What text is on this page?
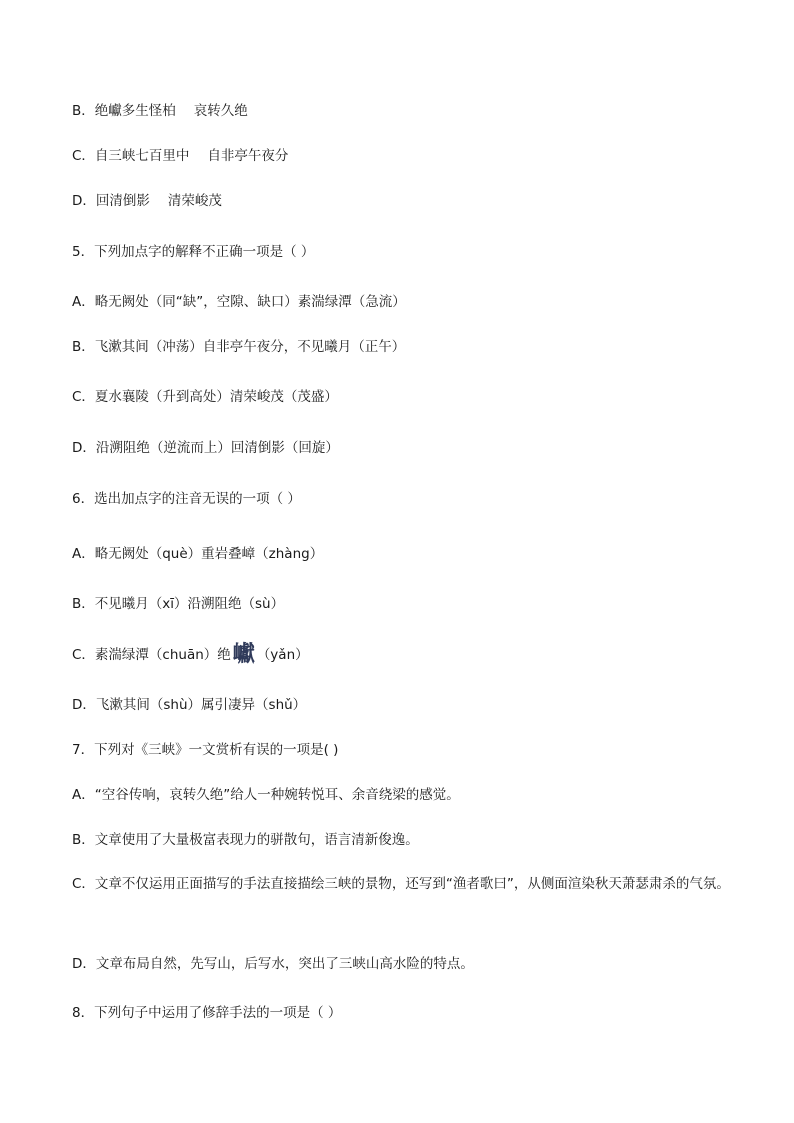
B．绝巘多生怪柏 哀转久绝
C．自三峡七百里中 自非亭午夜分
D．回清倒影 清荣峻茂
5．下列加点字的解释不正确一项是（ ）
A．略无阙处（同“缺”，空隙、缺口）素湍绿潭（急流）
B．飞漱其间（冲荡）自非亭午夜分，不见曦月（正午）
C．夏水襄陵（升到高处）清荣峻茂（茂盛）
D．沿溯阻绝（逆流而上）回清倒影（回旋）
6．选出加点字的注音无误的一项（ ）
A．略无阙处（què）重岩叠嶂（zhàng）
B．不见曦月（xī）沿溯阻绝（sù）
C．素湍绿潭（chuān）绝巘 （yǎn）
D．飞漱其间（shù）属引凄异（shǔ）
7．下列对《三峡》一文赏析有误的一项是( )
A．“空谷传响，哀转久绝”给人一种婉转悦耳、余音绕梁的感觉。
B．文章使用了大量极富表现力的骈散句，语言清新俊逸。
C．文章不仅运用正面描写的手法直接描绘三峡的景物，还写到“渔者歌曰”，从侧面渲染秋天萧瑟肃杀的气氛。
D．文章布局自然，先写山，后写水，突出了三峡山高水险的特点。
8．下列句子中运用了修辞手法的一项是（ ）
